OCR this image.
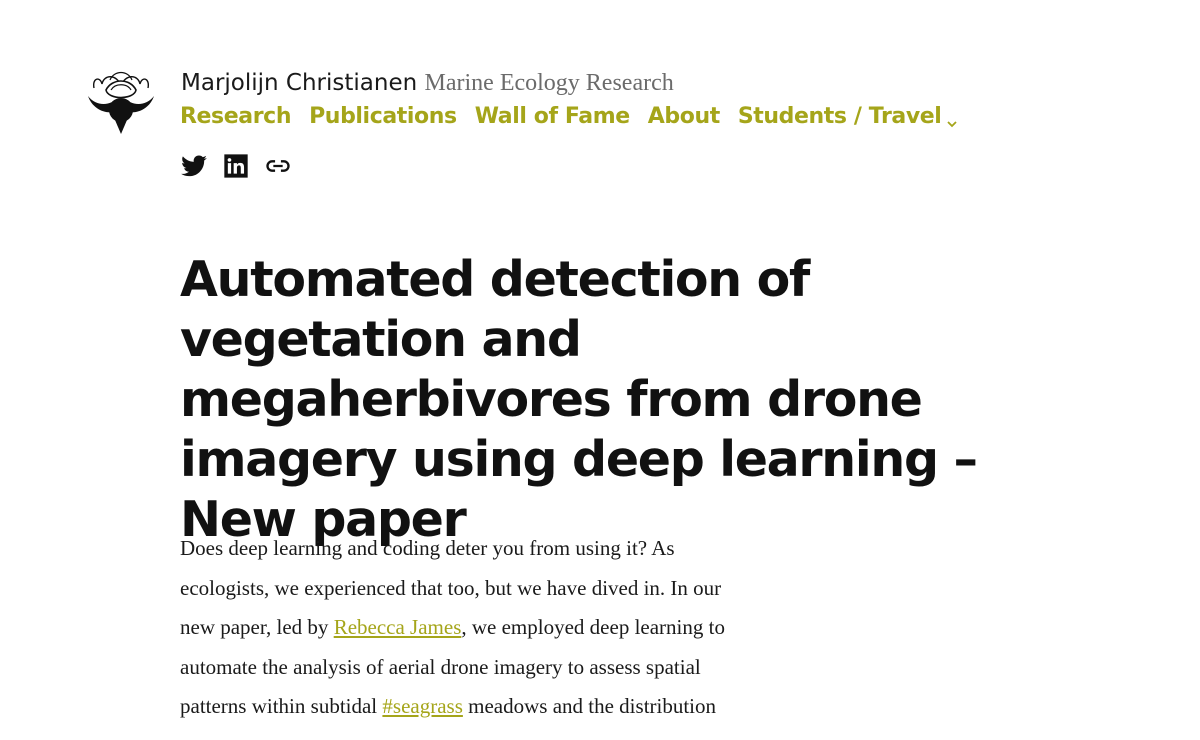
Marjolijn Christianen Marine Ecology Research
Research Publications Wall of Fame About Students / Travel
Automated detection of vegetation and megaherbivores from drone imagery using deep learning – New paper

Does deep learning and coding deter you from using it? As ecologists, we experienced that too, but we have dived in. In our new paper, led by Rebecca James, we employed deep learning to automate the analysis of aerial drone imagery to assess spatial patterns within subtidal #seagrass meadows and the distribution
